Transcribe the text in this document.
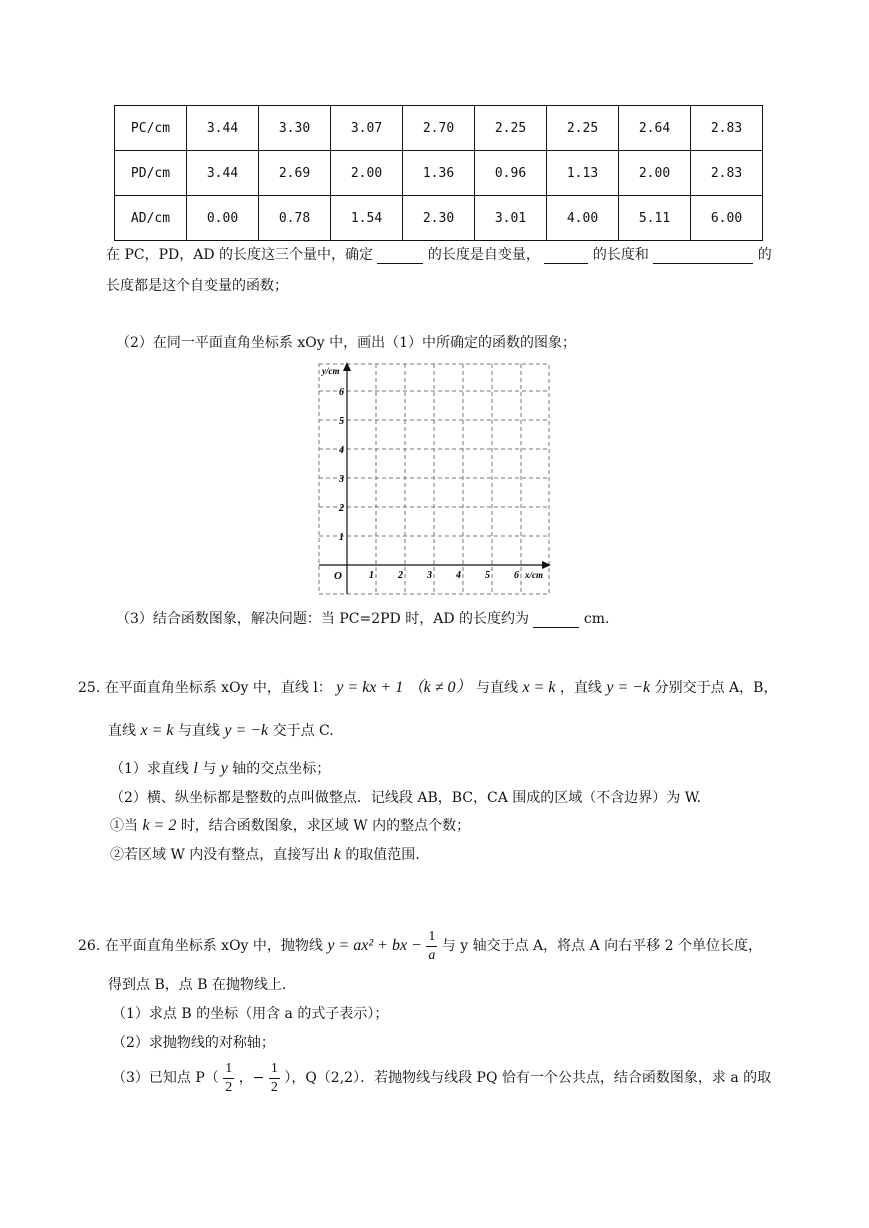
PC/cm	3.44	3.30	3.07	2.70	2.25	2.25	2.64	2.83
PD/cm	3.44	2.69	2.00	1.36	0.96	1.13	2.00	2.83
AD/cm	0.00	0.78	1.54	2.30	3.01	4.00	5.11	6.00
在 PC，PD，AD 的长度这三个量中，确定	的长度是自变量，	的长度和	的
长度都是这个自变量的函数；
（2）在同一平面直角坐标系 xOy 中，画出（1）中所确定的函数的图象；
1 2 3 4 5 6
1
2
3
4
5
6
y/cm
x/cm
O
（3）结合函数图象，解决问题：当 PC=2PD 时，AD 的长度约为	cm.
25. 在平面直角坐标系 xOy 中，直线 l： y = kx + 1 （k ≠ 0） 与直线 x = k ，直线 y = −k 分别交于点 A，B，
直线 x = k 与直线 y = −k 交于点 C.
（1）求直线 l 与 y 轴的交点坐标；
（2）横、纵坐标都是整数的点叫做整点．记线段 AB，BC，CA 围成的区域（不含边界）为 W.
①当 k = 2 时，结合函数图象，求区域 W 内的整点个数；
②若区域 W 内没有整点，直接写出 k 的取值范围.
26. 在平面直角坐标系 xOy 中，抛物线 y = ax² + bx − $\frac{1}{a}$ 与 y 轴交于点 A，将点 A 向右平移 2 个单位长度，
得到点 B，点 B 在抛物线上.
（1）求点 B 的坐标（用含 a 的式子表示）；
（2）求抛物线的对称轴；
（3）已知点 $P( \frac{1}{2}$ ，− $\frac{1}{2}$ ），Q（2,2）．若抛物线与线段 PQ 恰有一个公共点，结合函数图象，求 a 的取
